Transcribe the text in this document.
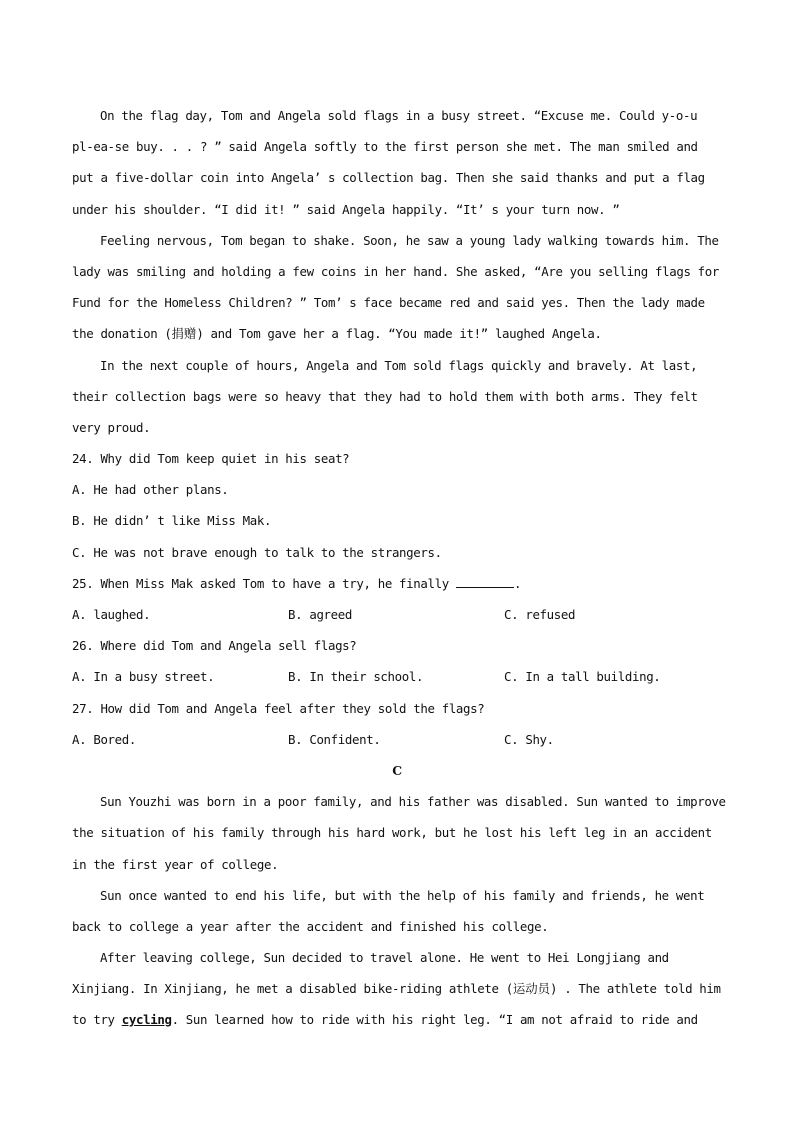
On the flag day, Tom and Angela sold flags in a busy street. “Excuse me. Could y-o-u
pl-ea-se buy. . . ? ” said Angela softly to the first person she met. The man smiled and
put a five-dollar coin into Angela’ s collection bag. Then she said thanks and put a flag
under his shoulder. “I did it! ” said Angela happily. “It’ s your turn now. ”
Feeling nervous, Tom began to shake. Soon, he saw a young lady walking towards him. The
lady was smiling and holding a few coins in her hand. She asked, “Are you selling flags for
Fund for the Homeless Children? ” Tom’ s face became red and said yes. Then the lady made
the donation (捐赠) and Tom gave her a flag. “You made it!” laughed Angela.
In the next couple of hours, Angela and Tom sold flags quickly and bravely. At last,
their collection bags were so heavy that they had to hold them with both arms. They felt
very proud.
24. Why did Tom keep quiet in his seat?
A. He had other plans.
B. He didn’ t like Miss Mak.
C. He was not brave enough to talk to the strangers.
25. When Miss Mak asked Tom to have a try, he finally	.
A. laughed.	B. agreed	C. refused
26. Where did Tom and Angela sell flags?
A. In a busy street.	B. In their school.	C. In a tall building.
27. How did Tom and Angela feel after they sold the flags?
A. Bored.	B. Confident.	C. Shy.
C
Sun Youzhi was born in a poor family, and his father was disabled. Sun wanted to improve
the situation of his family through his hard work, but he lost his left leg in an accident
in the first year of college.
Sun once wanted to end his life, but with the help of his family and friends, he went
back to college a year after the accident and finished his college.
After leaving college, Sun decided to travel alone. He went to Hei Longjiang and
Xinjiang. In Xinjiang, he met a disabled bike-riding athlete (运动员) . The athlete told him
to try cycling. Sun learned how to ride with his right leg. “I am not afraid to ride and
